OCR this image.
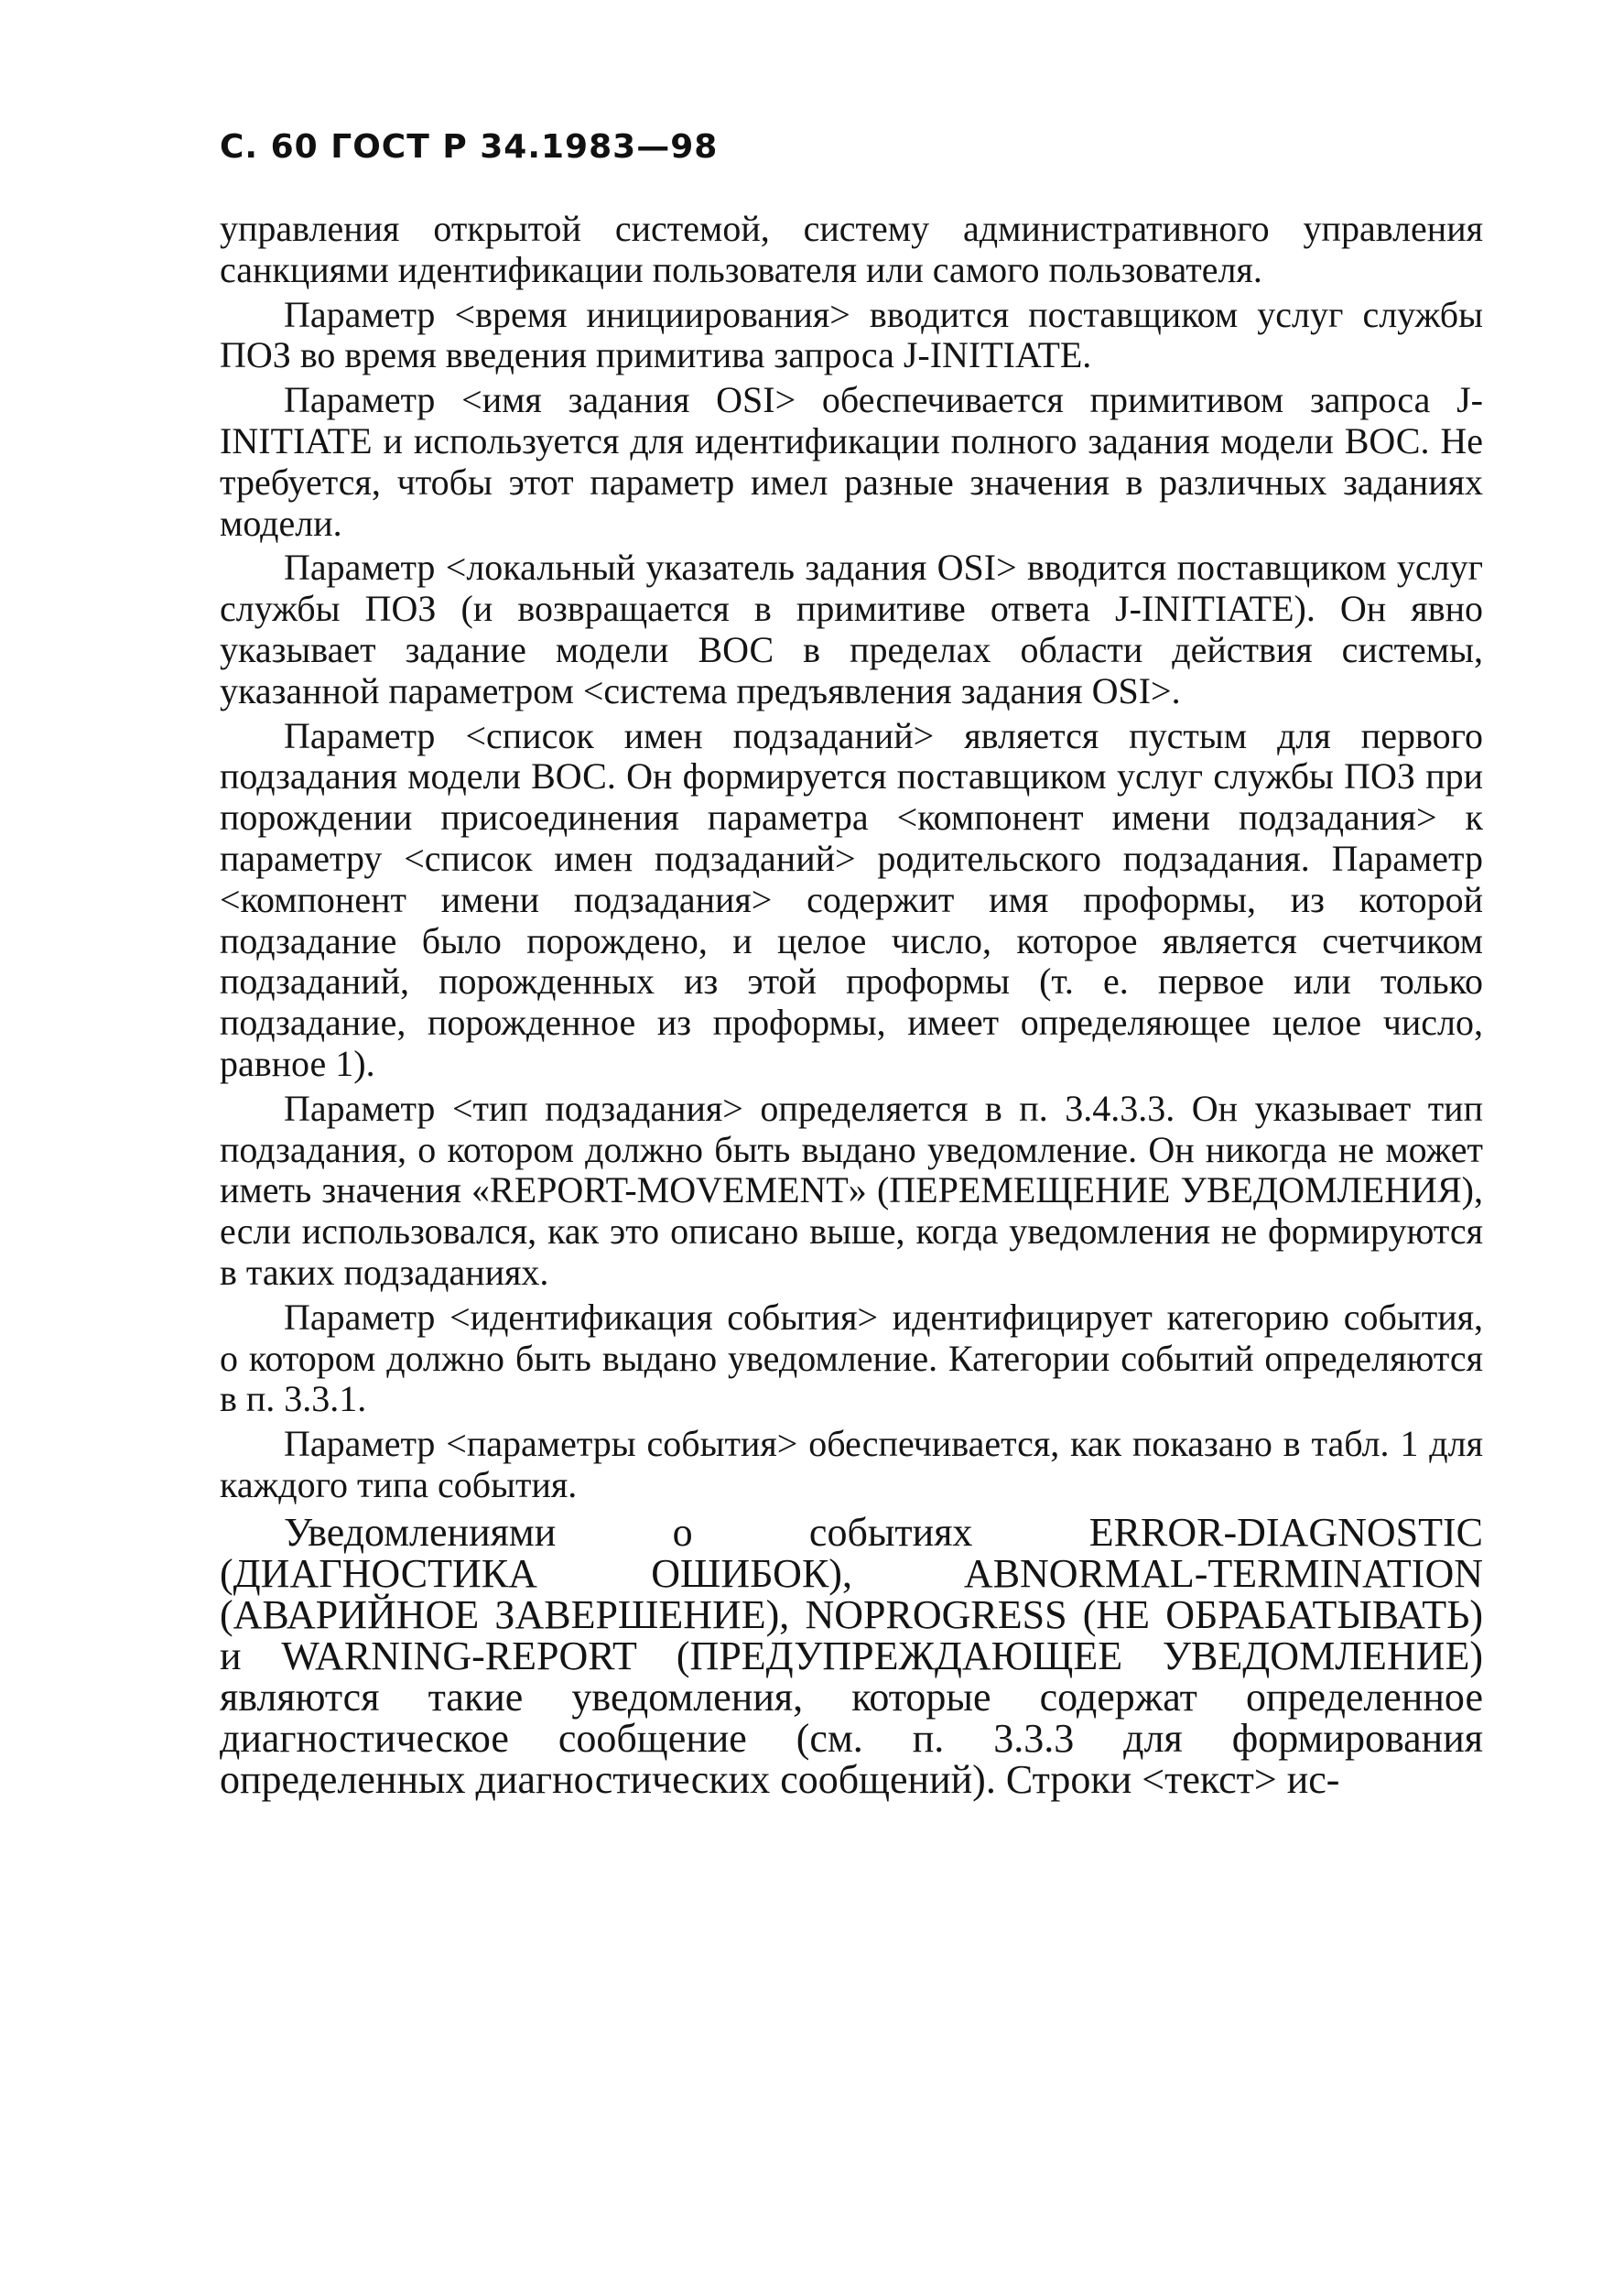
С. 60 ГОСТ Р 34.1983—98

управления открытой системой, систему административного управления санкциями идентификации пользователя или самого пользователя.

Параметр <время инициирования> вводится поставщиком услуг службы ПОЗ во время введения примитива запроса J-INITIATE.

Параметр <имя задания OSI> обеспечивается примитивом запроса J-INITIATE и используется для идентификации полного задания модели ВОС. Не требуется, чтобы этот параметр имел разные значения в различных заданиях модели.

Параметр <локальный указатель задания OSI> вводится поставщиком услуг службы ПОЗ (и возвращается в примитиве ответа J-INITIATE). Он явно указывает задание модели ВОС в пределах области действия системы, указанной параметром <система предъявления задания OSI>.

Параметр <список имен подзаданий> является пустым для первого подзадания модели ВОС. Он формируется поставщиком услуг службы ПОЗ при порождении присоединения параметра <компонент имени подзадания> к параметру <список имен подзаданий> родительского подзадания. Параметр <компонент имени подзадания> содержит имя проформы, из которой подзадание было порождено, и целое число, которое является счетчиком подзаданий, порожденных из этой проформы (т. е. первое или только подзадание, порожденное из проформы, имеет определяющее целое число, равное 1).

Параметр <тип подзадания> определяется в п. 3.4.3.3. Он указывает тип подзадания, о котором должно быть выдано уведомление. Он никогда не может иметь значения «REPORT-MOVEMENT» (ПЕРЕМЕЩЕНИЕ УВЕДОМЛЕНИЯ), если использовался, как это описано выше, когда уведомления не формируются в таких подзаданиях.

Параметр <идентификация события> идентифицирует категорию события, о котором должно быть выдано уведомление. Категории событий определяются в п. 3.3.1.

Параметр <параметры события> обеспечивается, как показано в табл. 1 для каждого типа события.

Уведомлениями о событиях ERROR-DIAGNOSTIC (ДИАГНОСТИКА ОШИБОК), ABNORMAL-TERMINATION (АВАРИЙНОЕ ЗАВЕРШЕНИЕ), NOPROGRESS (НЕ ОБРАБАТЫВАТЬ) и WARNING-REPORT (ПРЕДУПРЕЖДАЮЩЕЕ УВЕДОМЛЕНИЕ) являются такие уведомления, которые содержат определенное диагностическое сообщение (см. п. 3.3.3 для формирования определенных диагностических сообщений). Строки <текст> ис-
